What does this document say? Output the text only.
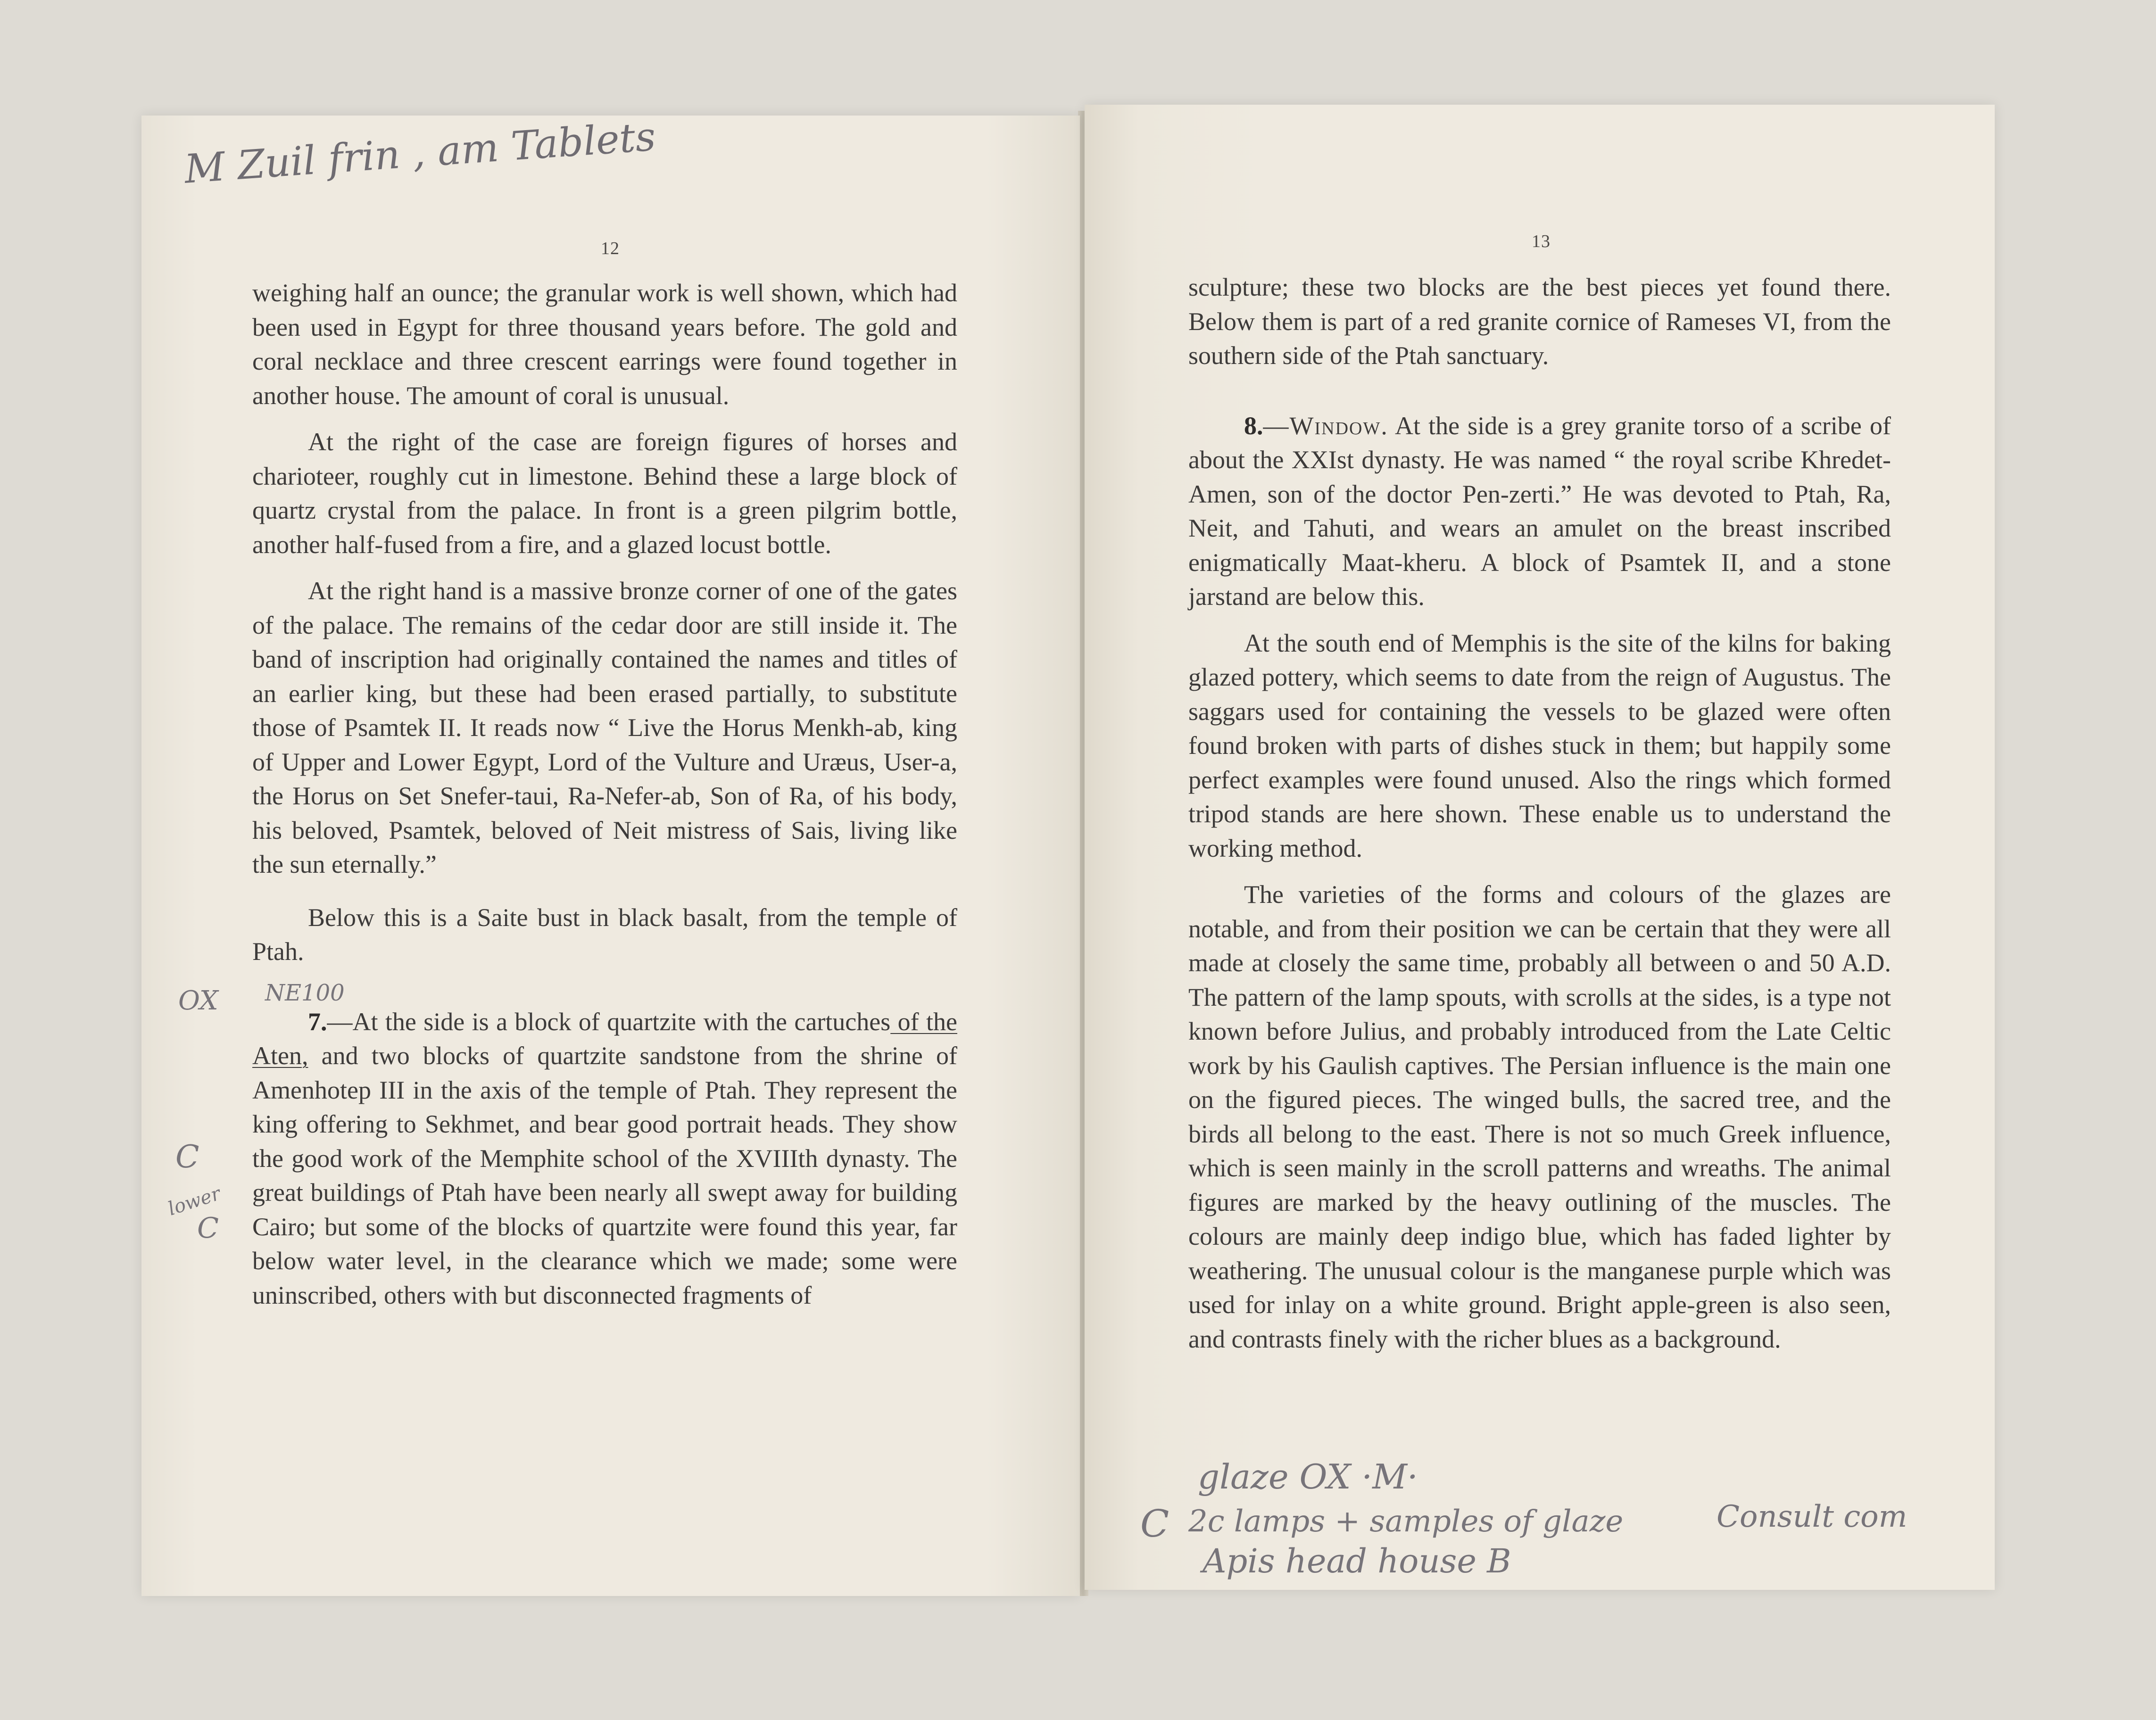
M Zuil frin , am Tablets
12

weighing half an ounce; the granular work is well shown, which had been used in Egypt for three thousand years before. The gold and coral necklace and three crescent earrings were found together in another house. The amount of coral is unusual.

At the right of the case are foreign figures of horses and charioteer, roughly cut in limestone. Behind these a large block of quartz crystal from the palace. In front is a green pilgrim bottle, another half-fused from a fire, and a glazed locust bottle.

At the right hand is a massive bronze corner of one of the gates of the palace. The remains of the cedar door are still inside it. The band of inscription had originally contained the names and titles of an earlier king, but these had been erased partially, to substitute those of Psamtek II. It reads now “ Live the Horus Menkh-ab, king of Upper and Lower Egypt, Lord of the Vulture and Uræus, User-a, the Horus on Set Snefer-taui, Ra-Nefer-ab, Son of Ra, of his body, his beloved, Psamtek, beloved of Neit mistress of Sais, living like the sun eternally.”

Below this is a Saite bust in black basalt, from the temple of Ptah.

7.—At the side is a block of quartzite with the cartuches of the Aten, and two blocks of quartzite sandstone from the shrine of Amenhotep III in the axis of the temple of Ptah. They represent the king offering to Sekhmet, and bear good portrait heads. They show the good work of the Memphite school of the XVIIIth dynasty. The great buildings of Ptah have been nearly all swept away for building Cairo; but some of the blocks of quartzite were found this year, far below water level, in the clearance which we made; some were uninscribed, others with but disconnected fragments of

OX NE100
C
lower
C
13

sculpture; these two blocks are the best pieces yet found there. Below them is part of a red granite cornice of Rameses VI, from the southern side of the Ptah sanctuary.

8.—Window. At the side is a grey granite torso of a scribe of about the XXIst dynasty. He was named “ the royal scribe Khredet-Amen, son of the doctor Pen-zerti.” He was devoted to Ptah, Ra, Neit, and Tahuti, and wears an amulet on the breast inscribed enigmatically Maat-kheru. A block of Psamtek II, and a stone jarstand are below this.

At the south end of Memphis is the site of the kilns for baking glazed pottery, which seems to date from the reign of Augustus. The saggars used for containing the vessels to be glazed were often found broken with parts of dishes stuck in them; but happily some perfect examples were found unused. Also the rings which formed tripod stands are here shown. These enable us to understand the working method.

The varieties of the forms and colours of the glazes are notable, and from their position we can be certain that they were all made at closely the same time, probably all between o and 50 A.D. The pattern of the lamp spouts, with scrolls at the sides, is a type not known before Julius, and probably introduced from the Late Celtic work by his Gaulish captives. The Persian influence is the main one on the figured pieces. The winged bulls, the sacred tree, and the birds all belong to the east. There is not so much Greek influence, which is seen mainly in the scroll patterns and wreaths. The animal figures are marked by the heavy outlining of the muscles. The colours are mainly deep indigo blue, which has faded lighter by weathering. The unusual colour is the manganese purple which was used for inlay on a white ground. Bright apple-green is also seen, and contrasts finely with the richer blues as a background.

glaze OX ·M·
C 2c lamps + samples of glaze	Consult com
Apis head house B
